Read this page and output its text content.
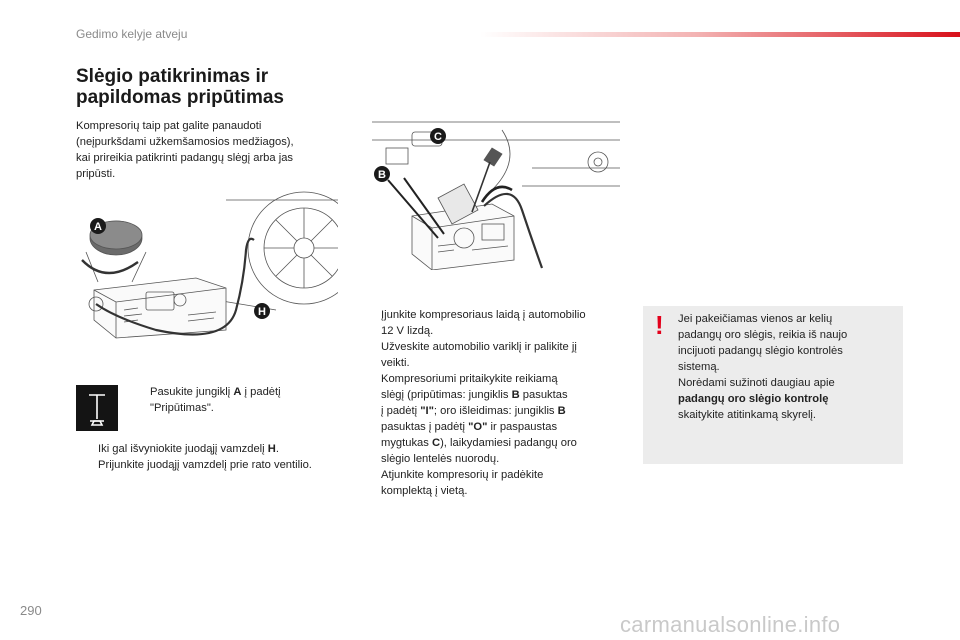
Gedimo kelyje atveju
Slėgio patikrinimas ir
papildomas pripūtimas
Kompresorių taip pat galite panaudoti
(neįpurkšdami užkemšamosios medžiagos),
kai prireikia patikrinti padangų slėgį arba jas
pripūsti.
A
H
B
C
Pasukite jungiklį A į padėtį
"Pripūtimas".
Iki gal išvyniokite juodąjį vamzdelį H.
Prijunkite juodąjį vamzdelį prie rato ventilio.
Įjunkite kompresoriaus laidą į automobilio
12 V lizdą.
Užveskite automobilio variklį ir palikite jį
veikti.
Kompresoriumi pritaikykite reikiamą
slėgį (pripūtimas: jungiklis B pasuktas
į padėtį "I"; oro išleidimas: jungiklis B
pasuktas į padėtį "O" ir paspaustas
mygtukas C), laikydamiesi padangų oro
slėgio lentelės nuorodų.
Atjunkite kompresorių ir padėkite
komplektą į vietą.
! Jei pakeičiamas vienos ar kelių
padangų oro slėgis, reikia iš naujo
incijuoti padangų slėgio kontrolės
sistemą.
Norėdami sužinoti daugiau apie
padangų oro slėgio kontrolę
skaitykite atitinkamą skyrelį.
290
carmanualsonline.info
